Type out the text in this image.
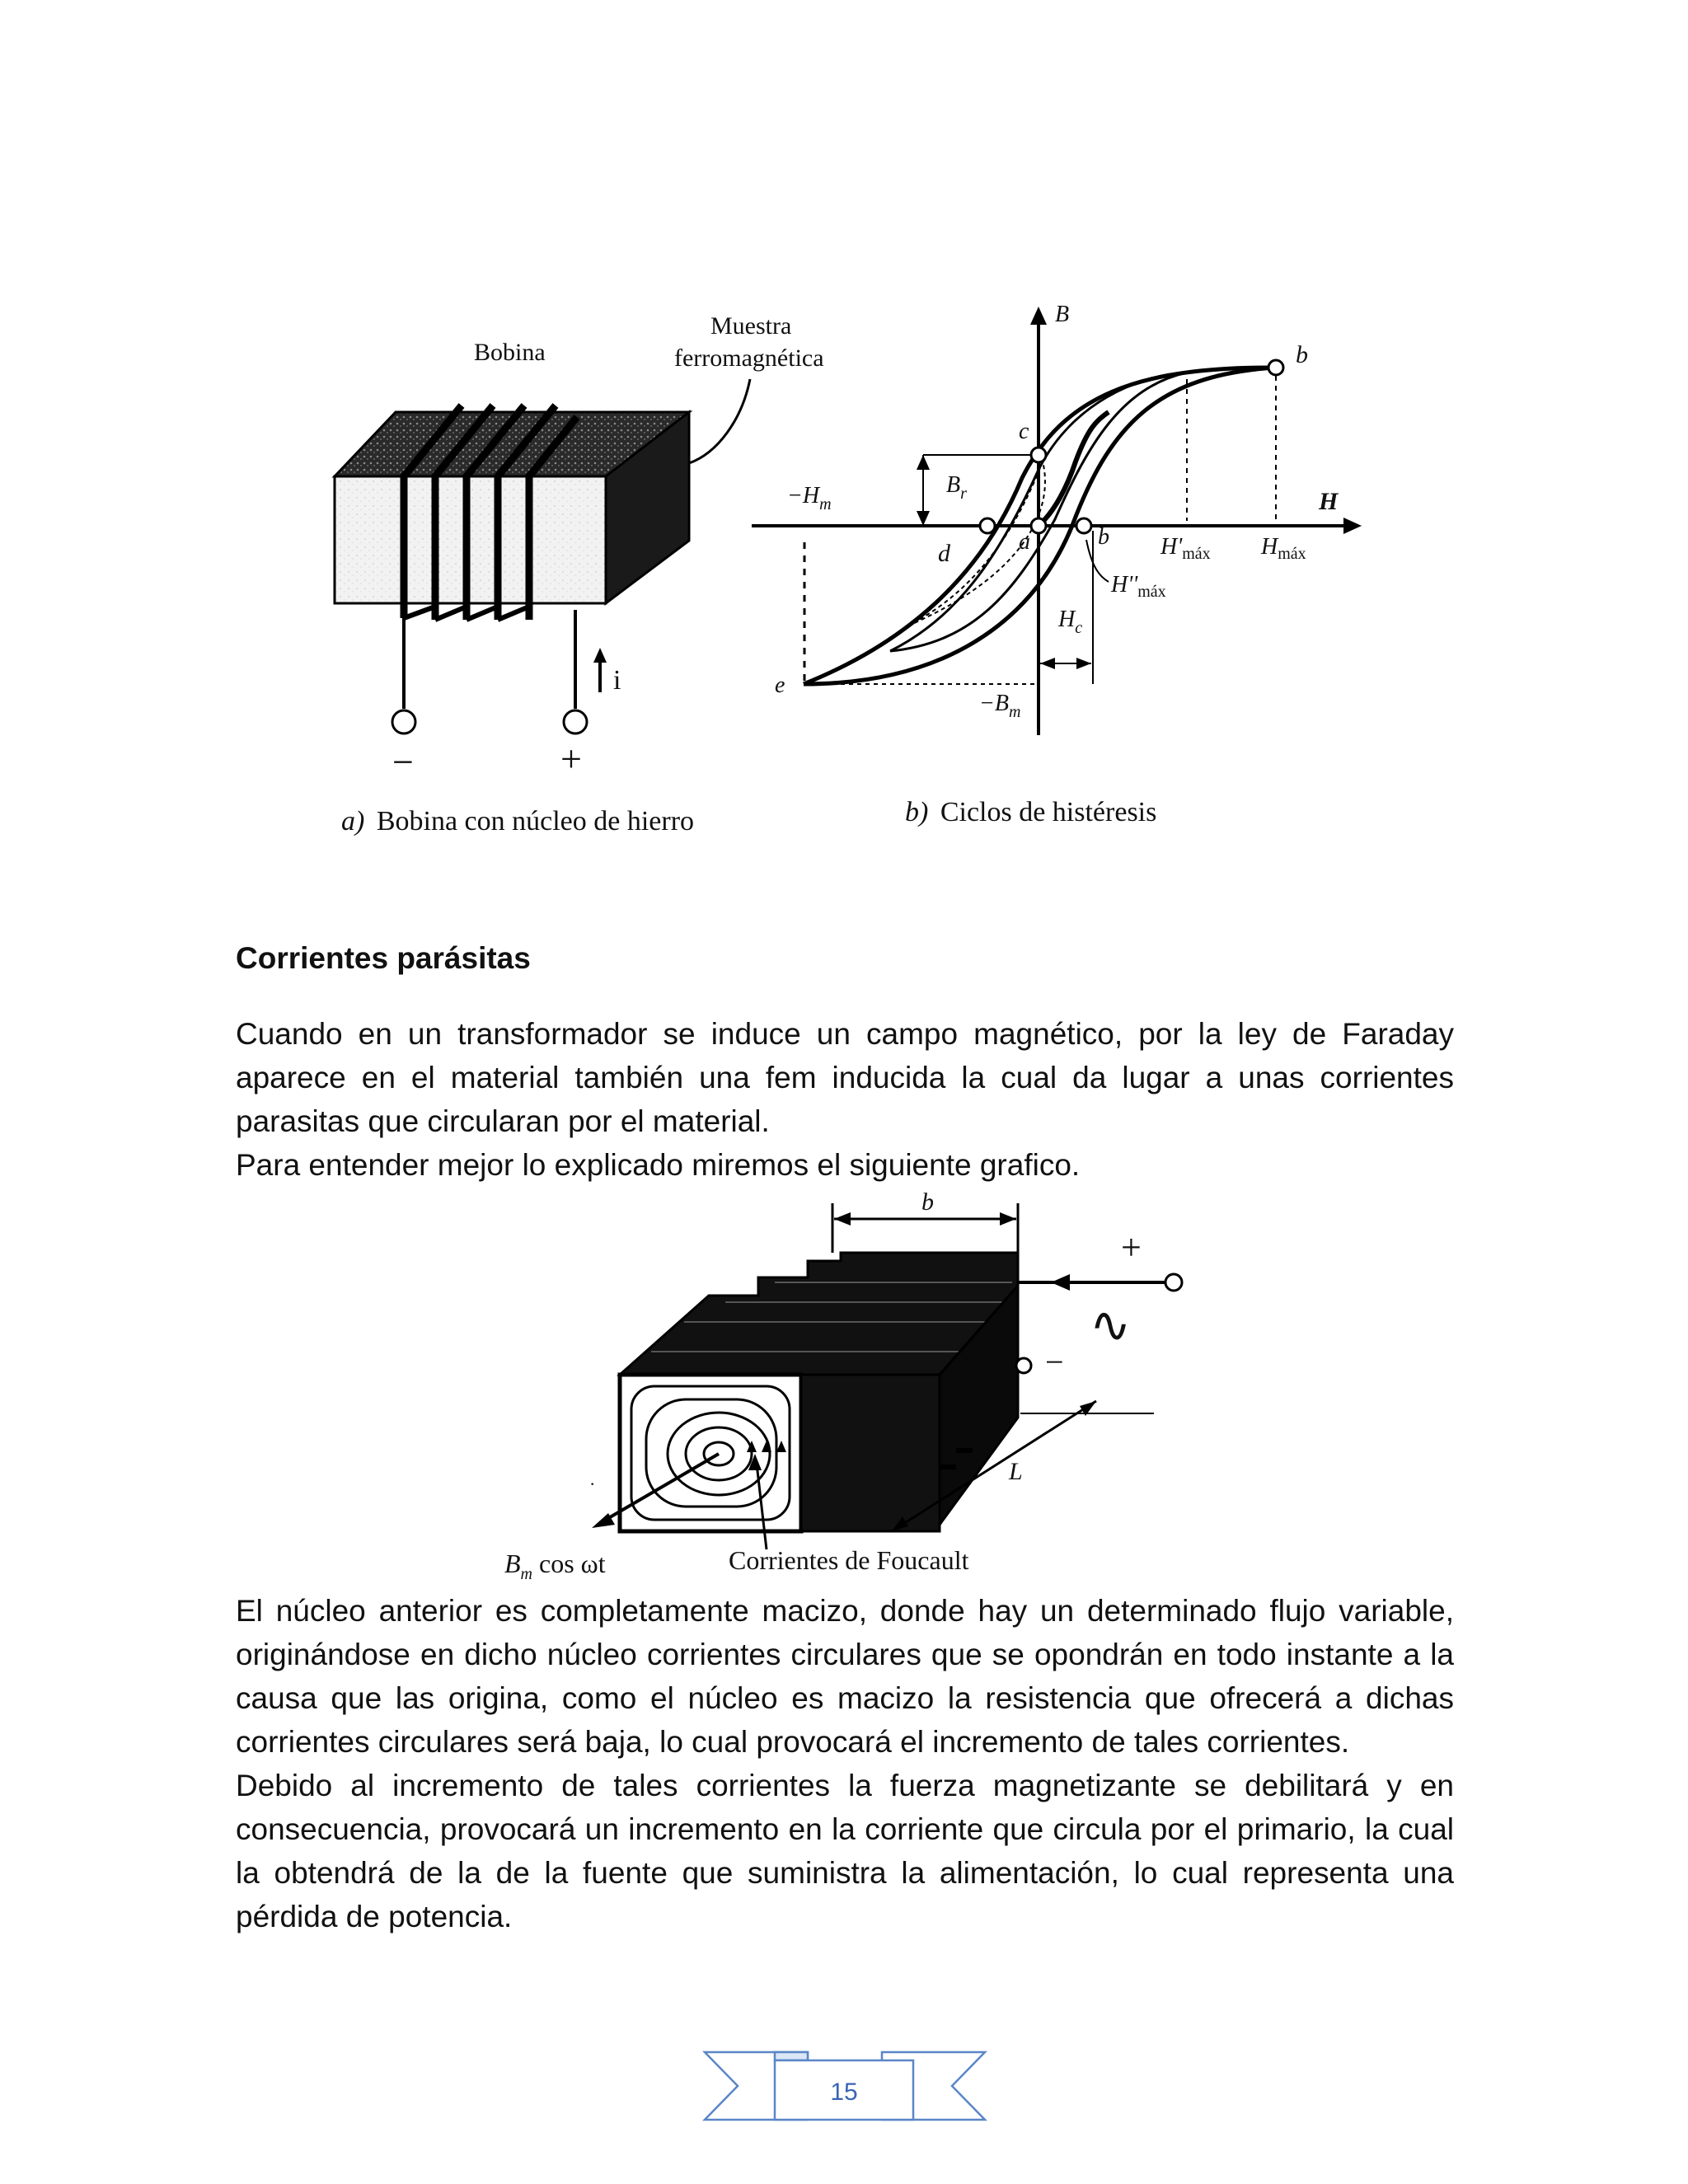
i
−	+
Bobina
Muestra
ferromagnética
a) Bobina con núcleo de hierro
B
H
b
c
d	a	b
e
$-H_m$
$B_r$
$H'_{máx}$ $H_{máx}$
$H''_{máx}$
$H_c$
$-B_m$
b) Ciclos de histéresis
Corrientes parásitas

Cuando en un transformador se induce un campo magnético, por la ley de Faraday aparece en el material también una fem inducida la cual da lugar a unas corrientes parasitas que circularan por el material.

Para entender mejor lo explicado miremos el siguiente grafico.

b
·
+
∿
−
L
$B_m$ cos ωt	Corrientes de Foucault

El núcleo anterior es completamente macizo, donde hay un determinado flujo variable, originándose en dicho núcleo corrientes circulares que se opondrán en todo instante a la causa que las origina, como el núcleo es macizo la resistencia que ofrecerá a dichas corrientes circulares será baja, lo cual provocará el incremento de tales corrientes.

Debido al incremento de tales corrientes la fuerza magnetizante se debilitará y en consecuencia, provocará un incremento en la corriente que circula por el primario, la cual la obtendrá de la de la fuente que suministra la alimentación, lo cual representa una pérdida de potencia.

15
